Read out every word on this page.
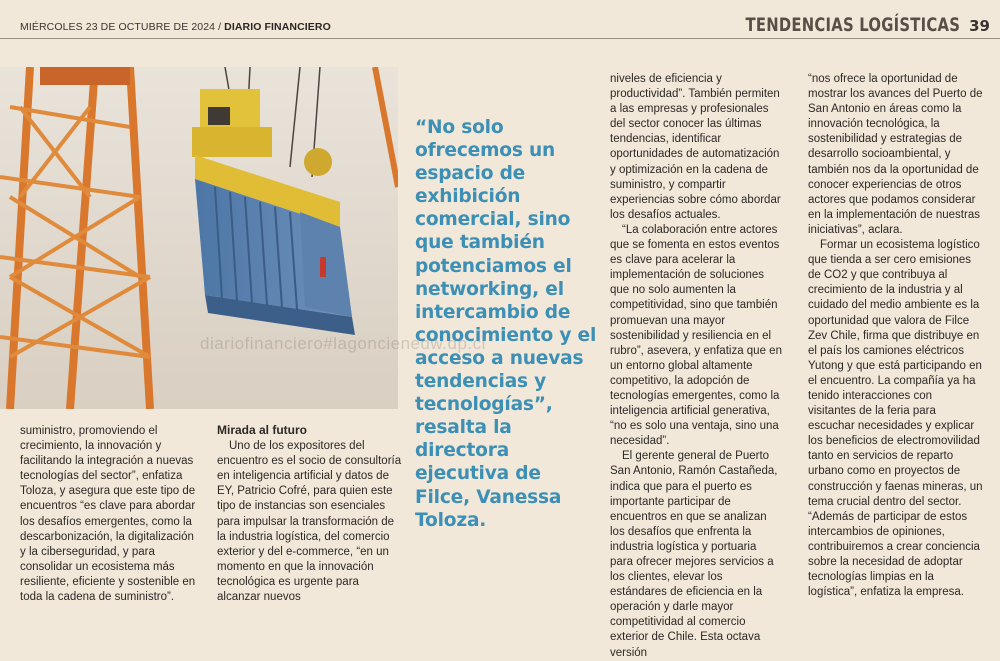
MIÉRCOLES 23 DE OCTUBRE DE 2024 / DIARIO FINANCIERO	TENDENCIAS LOGÍSTICAS 39
diariofinanciero#lagoncienedw.dp.cl
“No solo ofrecemos un espacio de exhibición comercial, sino que también potenciamos el networking, el intercambio de conocimiento y el acceso a nuevas tendencias y tecnologías”, resalta la directora ejecutiva de Filce, Vanessa Toloza.

suministro, promoviendo el crecimiento, la innovación y facilitando la integración a nuevas tecnologías del sector”, enfatiza Toloza, y asegura que este tipo de encuentros “es clave para abordar los desafíos emergentes, como la descarbonización, la digitalización y la ciberseguridad, y para consolidar un ecosistema más resiliente, eficiente y sostenible en toda la cadena de suministro”.

Mirada al futuro

Uno de los expositores del encuentro es el socio de consultoría en inteligencia artificial y datos de EY, Patricio Cofré, para quien este tipo de instancias son esenciales para impulsar la transformación de la industria logística, del comercio exterior y del e-commerce, “en un momento en que la innovación tecnológica es urgente para alcanzar nuevos

niveles de eficiencia y productividad”. También permiten a las empresas y profesionales del sector conocer las últimas tendencias, identificar oportunidades de automatización y optimización en la cadena de suministro, y compartir experiencias sobre cómo abordar los desafíos actuales.

“La colaboración entre actores que se fomenta en estos eventos es clave para acelerar la implementación de soluciones que no solo aumenten la competitividad, sino que también promuevan una mayor sostenibilidad y resiliencia en el rubro”, asevera, y enfatiza que en un entorno global altamente competitivo, la adopción de tecnologías emergentes, como la inteligencia artificial generativa, “no es solo una ventaja, sino una necesidad”.

El gerente general de Puerto San Antonio, Ramón Castañeda, indica que para el puerto es importante participar de encuentros en que se analizan los desafíos que enfrenta la industria logística y portuaria para ofrecer mejores servicios a los clientes, elevar los estándares de eficiencia en la operación y darle mayor competitividad al comercio exterior de Chile. Esta octava versión

“nos ofrece la oportunidad de mostrar los avances del Puerto de San Antonio en áreas como la innovación tecnológica, la sostenibilidad y estrategias de desarrollo socioambiental, y también nos da la oportunidad de conocer experiencias de otros actores que podamos considerar en la implementación de nuestras iniciativas”, aclara.

Formar un ecosistema logístico que tienda a ser cero emisiones de CO2 y que contribuya al crecimiento de la industria y al cuidado del medio ambiente es la oportunidad que valora de Filce Zev Chile, firma que distribuye en el país los camiones eléctricos Yutong y que está participando en el encuentro. La compañía ya ha tenido interacciones con visitantes de la feria para escuchar necesidades y explicar los beneficios de electromovilidad tanto en servicios de reparto urbano como en proyectos de construcción y faenas mineras, un tema crucial dentro del sector. “Además de participar de estos intercambios de opiniones, contribuiremos a crear conciencia sobre la necesidad de adoptar tecnologías limpias en la logística”, enfatiza la empresa.
